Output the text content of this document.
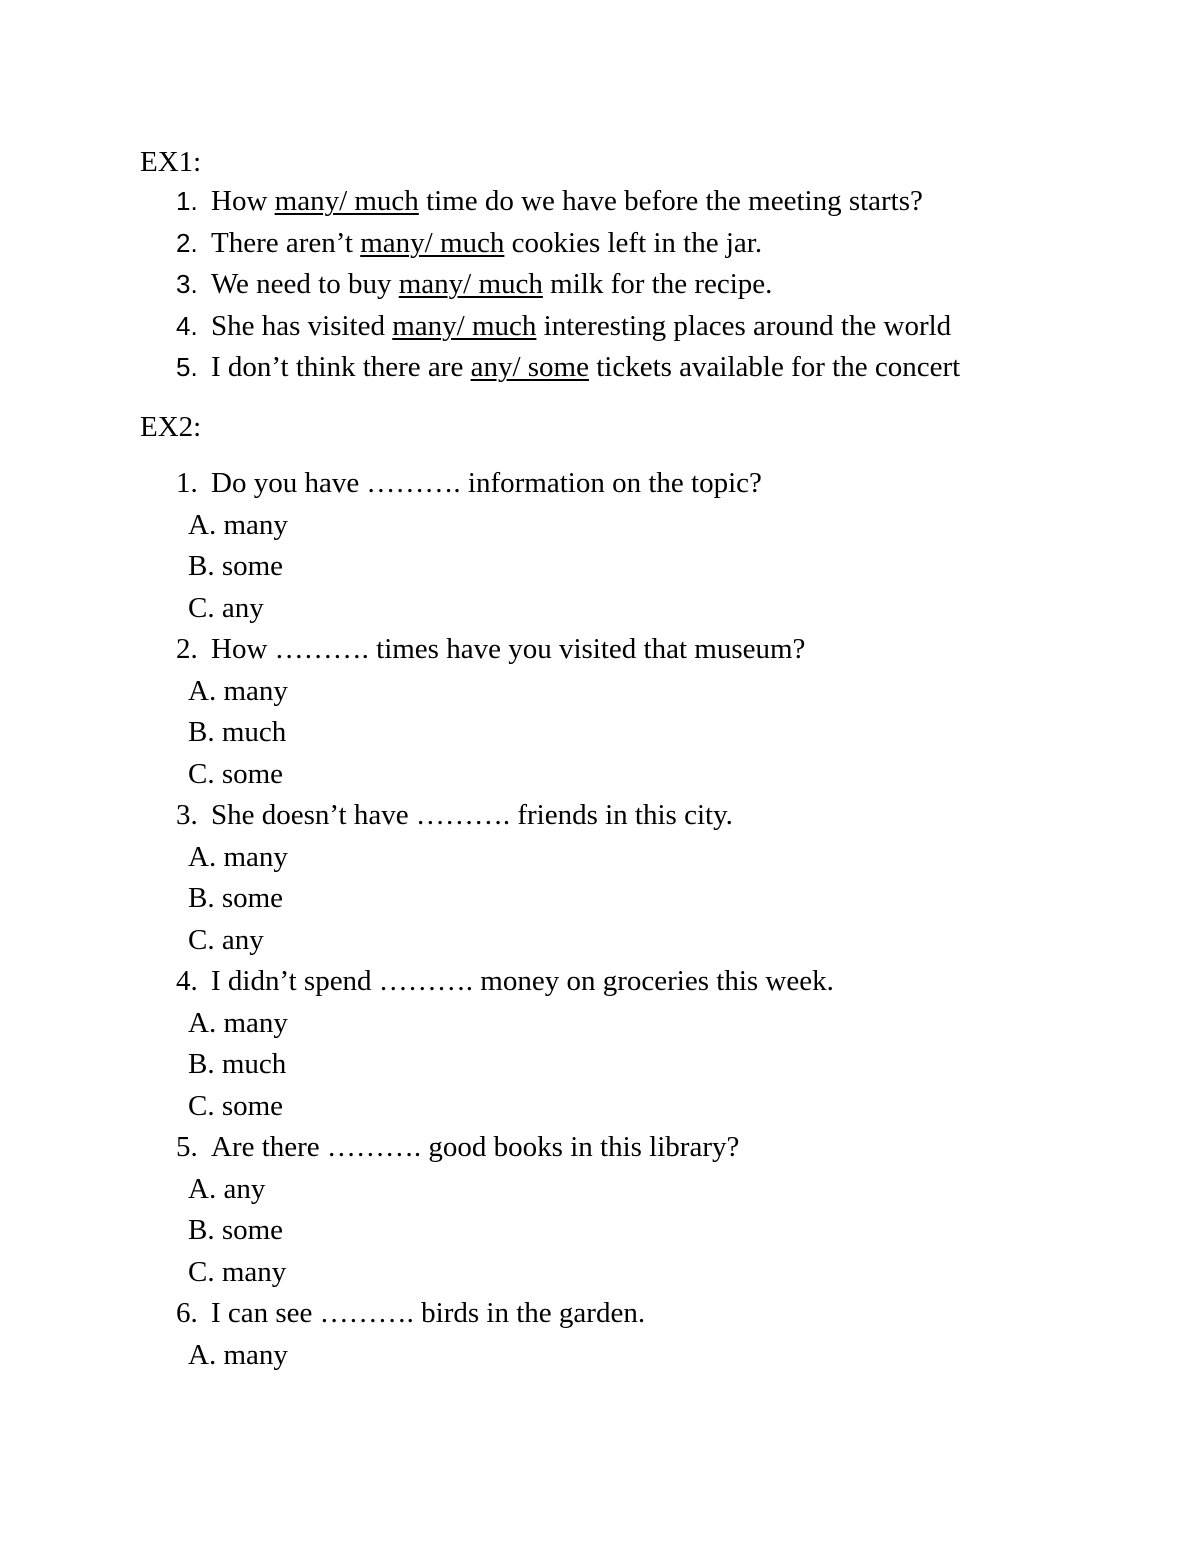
EX1:
1. How many/ much time do we have before the meeting starts?
2. There aren’t many/ much cookies left in the jar.
3. We need to buy many/ much milk for the recipe.
4. She has visited many/ much interesting places around the world
5. I don’t think there are any/ some tickets available for the concert
EX2:
1. Do you have ………. information on the topic?
A. many
B. some
C. any
2. How ………. times have you visited that museum?
A. many
B. much
C. some
3. She doesn’t have ………. friends in this city.
A. many
B. some
C. any
4. I didn’t spend ………. money on groceries this week.
A. many
B. much
C. some
5. Are there ………. good books in this library?
A. any
B. some
C. many
6. I can see ………. birds in the garden.
A. many
